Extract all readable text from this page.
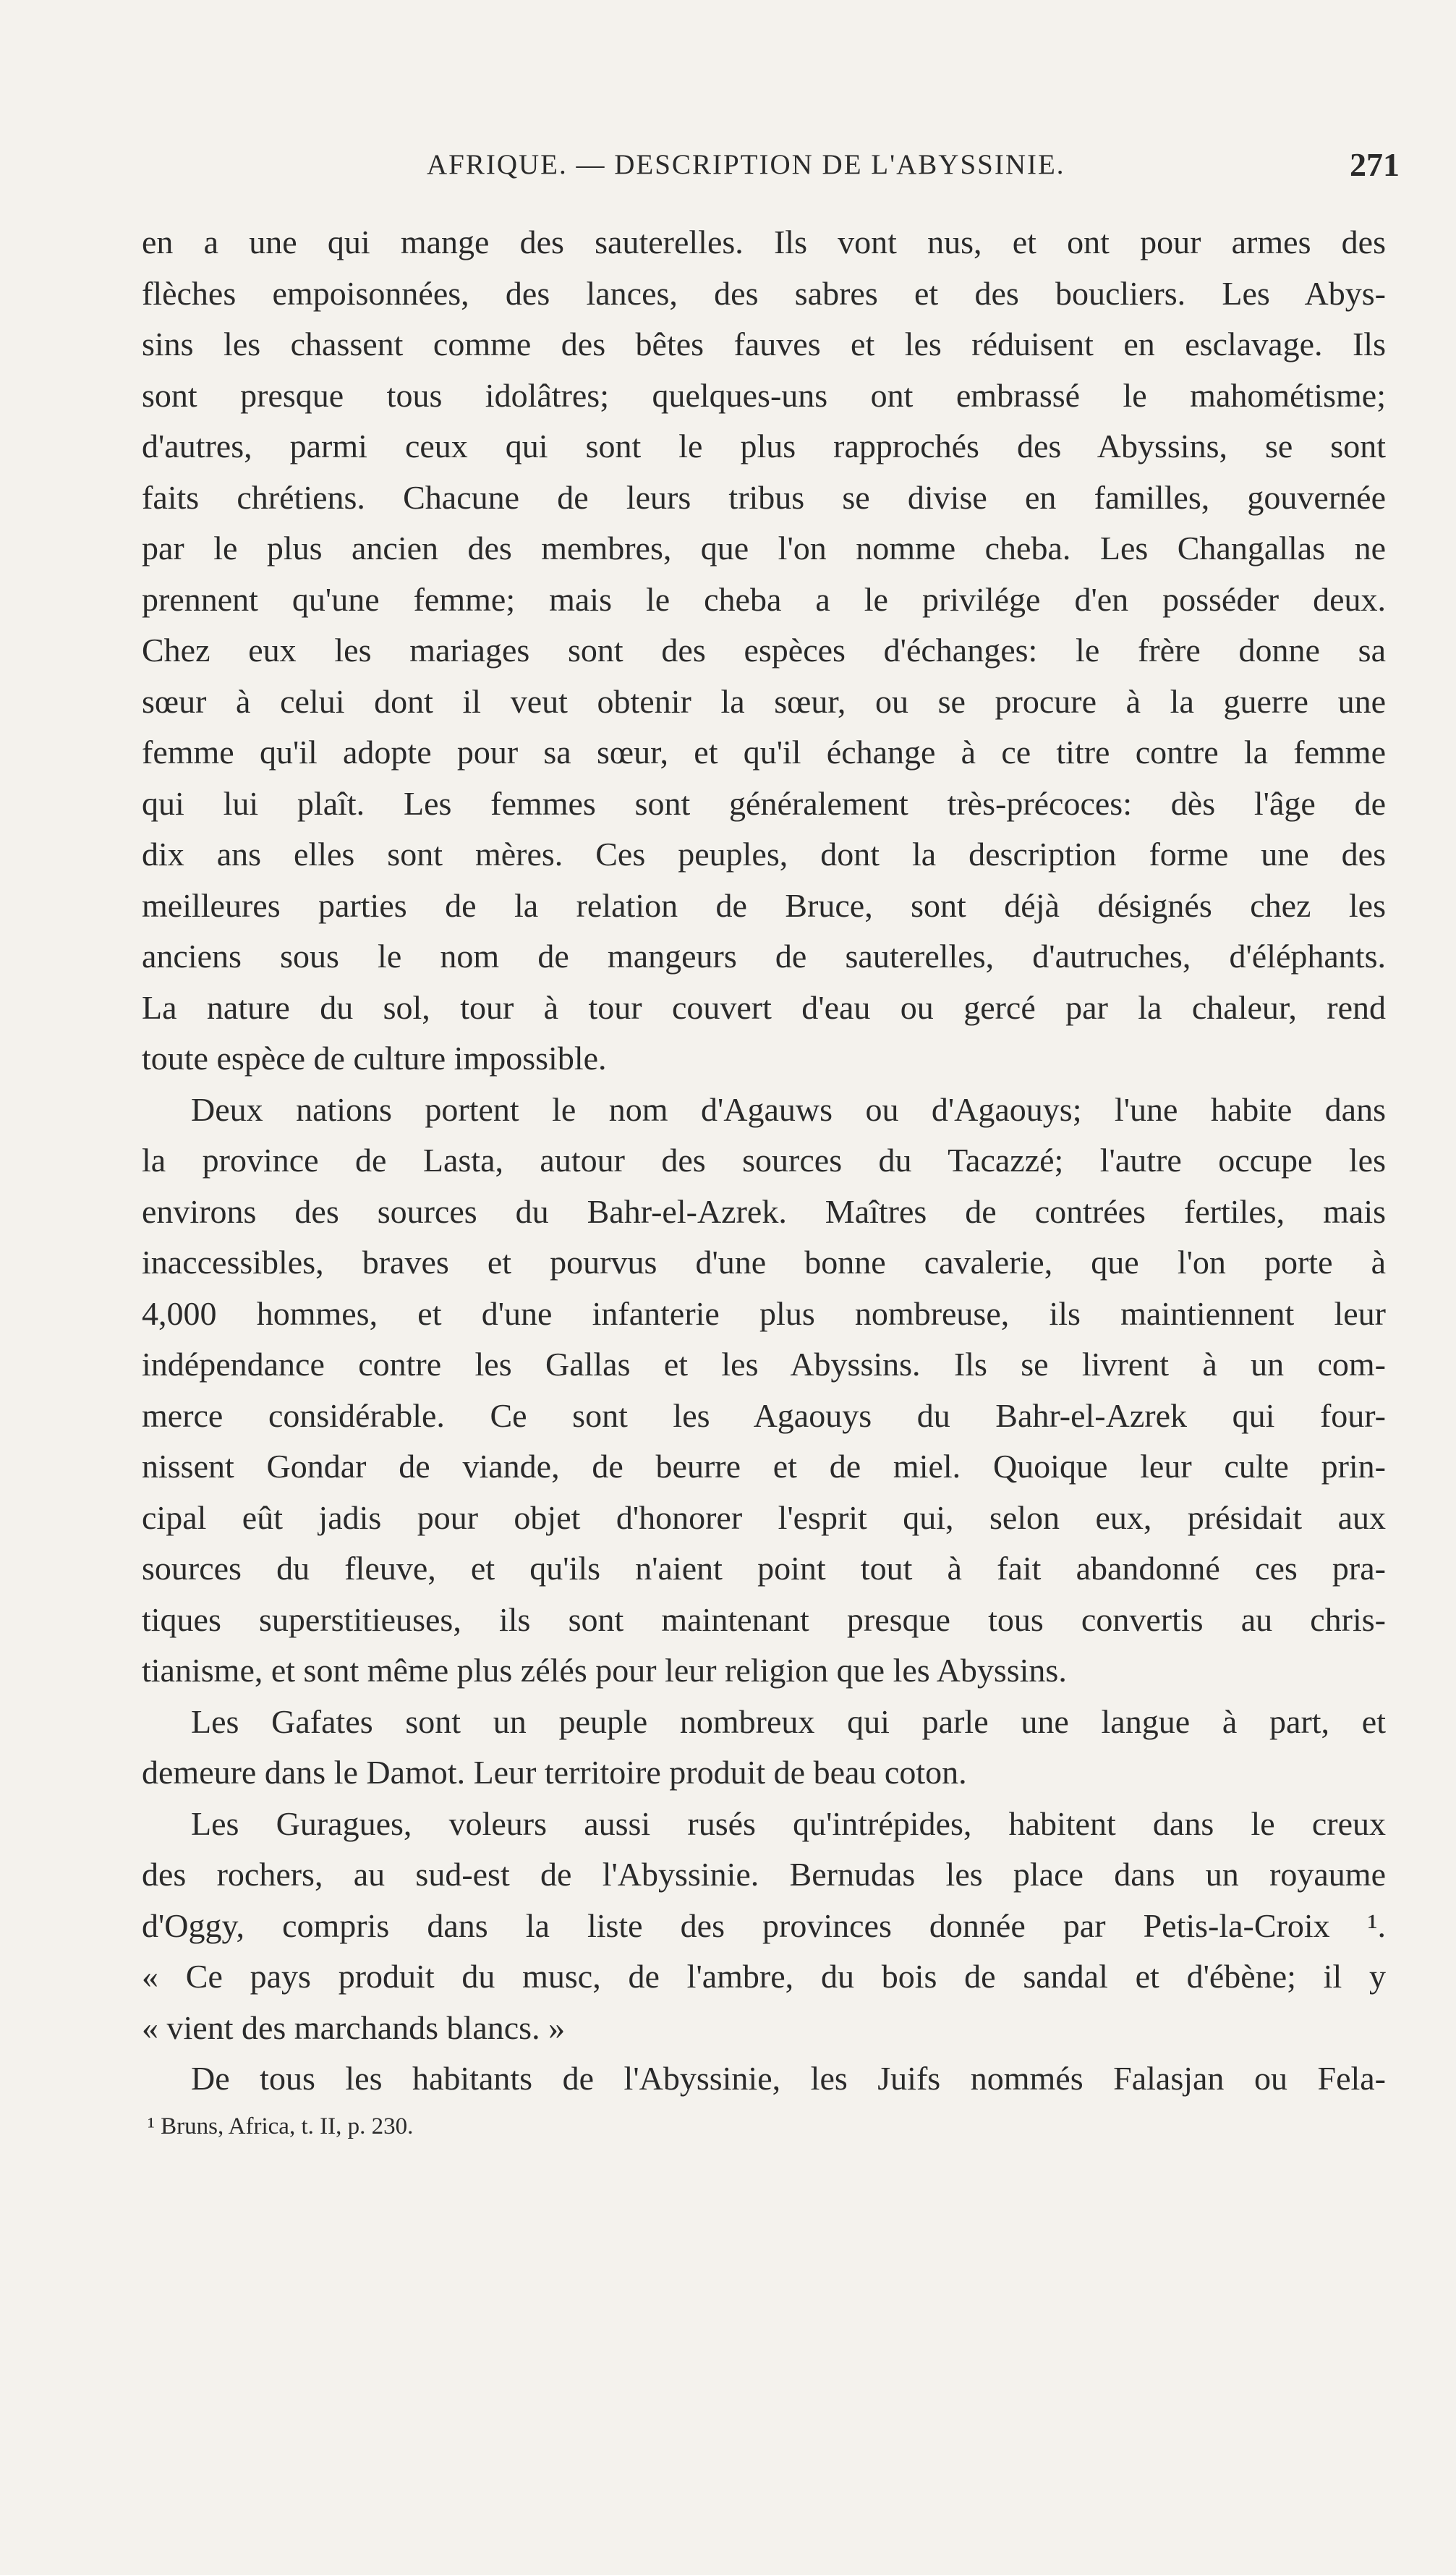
AFRIQUE. — DESCRIPTION DE L'ABYSSINIE.	271
en a une qui mange des sauterelles. Ils vont nus, et ont pour armes des
flèches empoisonnées, des lances, des sabres et des boucliers. Les Abys-
sins les chassent comme des bêtes fauves et les réduisent en esclavage. Ils
sont presque tous idolâtres; quelques-uns ont embrassé le mahométisme;
d'autres, parmi ceux qui sont le plus rapprochés des Abyssins, se sont
faits chrétiens. Chacune de leurs tribus se divise en familles, gouvernée
par le plus ancien des membres, que l'on nomme cheba. Les Changallas ne
prennent qu'une femme; mais le cheba a le privilége d'en posséder deux.
Chez eux les mariages sont des espèces d'échanges: le frère donne sa
sœur à celui dont il veut obtenir la sœur, ou se procure à la guerre une
femme qu'il adopte pour sa sœur, et qu'il échange à ce titre contre la femme
qui lui plaît. Les femmes sont généralement très-précoces: dès l'âge de
dix ans elles sont mères. Ces peuples, dont la description forme une des
meilleures parties de la relation de Bruce, sont déjà désignés chez les
anciens sous le nom de mangeurs de sauterelles, d'autruches, d'éléphants.
La nature du sol, tour à tour couvert d'eau ou gercé par la chaleur, rend
toute espèce de culture impossible.
Deux nations portent le nom d'Agauws ou d'Agaouys; l'une habite dans
la province de Lasta, autour des sources du Tacazzé; l'autre occupe les
environs des sources du Bahr-el-Azrek. Maîtres de contrées fertiles, mais
inaccessibles, braves et pourvus d'une bonne cavalerie, que l'on porte à
4,000 hommes, et d'une infanterie plus nombreuse, ils maintiennent leur
indépendance contre les Gallas et les Abyssins. Ils se livrent à un com-
merce considérable. Ce sont les Agaouys du Bahr-el-Azrek qui four-
nissent Gondar de viande, de beurre et de miel. Quoique leur culte prin-
cipal eût jadis pour objet d'honorer l'esprit qui, selon eux, présidait aux
sources du fleuve, et qu'ils n'aient point tout à fait abandonné ces pra-
tiques superstitieuses, ils sont maintenant presque tous convertis au chris-
tianisme, et sont même plus zélés pour leur religion que les Abyssins.
Les Gafates sont un peuple nombreux qui parle une langue à part, et
demeure dans le Damot. Leur territoire produit de beau coton.
Les Guragues, voleurs aussi rusés qu'intrépides, habitent dans le creux
des rochers, au sud-est de l'Abyssinie. Bernudas les place dans un royaume
d'Oggy, compris dans la liste des provinces donnée par Petis-la-Croix ¹.
« Ce pays produit du musc, de l'ambre, du bois de sandal et d'ébène; il y
« vient des marchands blancs. »
De tous les habitants de l'Abyssinie, les Juifs nommés Falasjan ou Fela-
¹ Bruns, Africa, t. II, p. 230.
